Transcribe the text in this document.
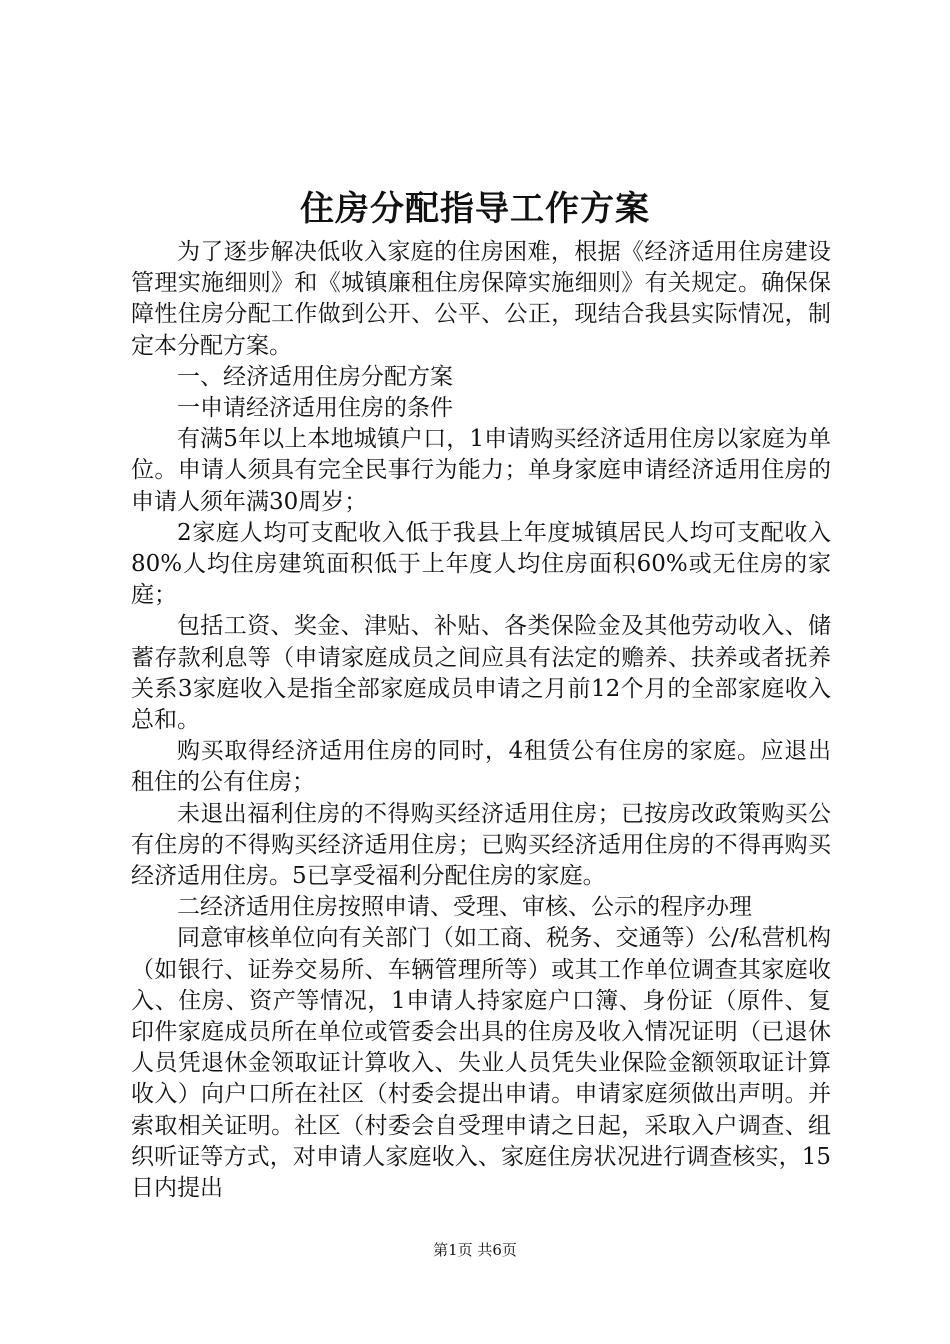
住房分配指导工作方案

为了逐步解决低收入家庭的住房困难，根据《经济适用住房建设管理实施细则》和《城镇廉租住房保障实施细则》有关规定。确保保障性住房分配工作做到公开、公平、公正，现结合我县实际情况，制定本分配方案。

一、经济适用住房分配方案

一申请经济适用住房的条件

有满5年以上本地城镇户口，1申请购买经济适用住房以家庭为单位。申请人须具有完全民事行为能力；单身家庭申请经济适用住房的申请人须年满30周岁；

2家庭人均可支配收入低于我县上年度城镇居民人均可支配收入80%人均住房建筑面积低于上年度人均住房面积60%或无住房的家庭；

包括工资、奖金、津贴、补贴、各类保险金及其他劳动收入、储蓄存款利息等（申请家庭成员之间应具有法定的赡养、扶养或者抚养关系3家庭收入是指全部家庭成员申请之月前12个月的全部家庭收入总和。

购买取得经济适用住房的同时，4租赁公有住房的家庭。应退出租住的公有住房；

未退出福利住房的不得购买经济适用住房；已按房改政策购买公有住房的不得购买经济适用住房；已购买经济适用住房的不得再购买经济适用住房。5已享受福利分配住房的家庭。

二经济适用住房按照申请、受理、审核、公示的程序办理

同意审核单位向有关部门（如工商、税务、交通等）公/私营机构（如银行、证券交易所、车辆管理所等）或其工作单位调查其家庭收入、住房、资产等情况，1申请人持家庭户口簿、身份证（原件、复印件家庭成员所在单位或管委会出具的住房及收入情况证明（已退休人员凭退休金领取证计算收入、失业人员凭失业保险金额领取证计算收入）向户口所在社区（村委会提出申请。申请家庭须做出声明。并索取相关证明。社区（村委会自受理申请之日起，采取入户调查、组织听证等方式，对申请人家庭收入、家庭住房状况进行调查核实，15日内提出

第1页 共6页
